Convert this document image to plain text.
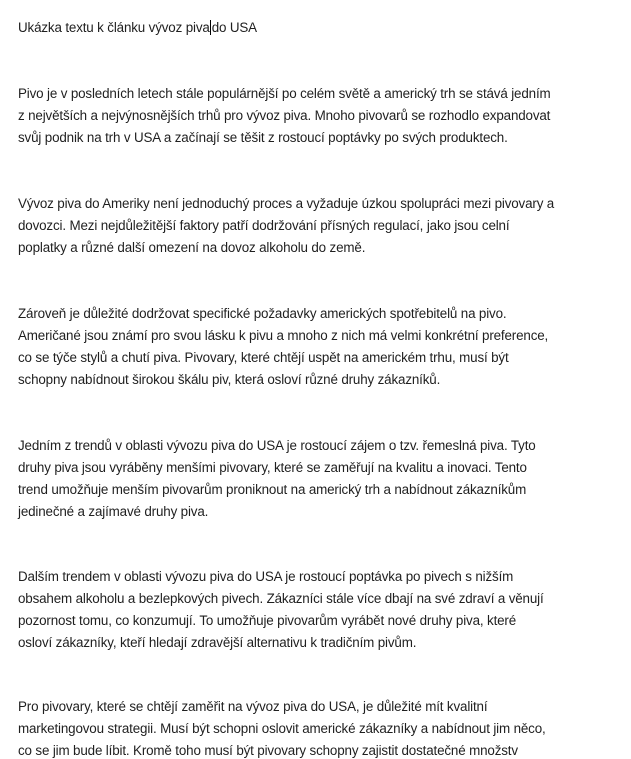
Ukázka textu k článku vývoz piva do USA

Pivo je v posledních letech stále populárnější po celém světě a americký trh se stává jedním
z největších a nejvýnosnějších trhů pro vývoz piva. Mnoho pivovarů se rozhodlo expandovat
svůj podnik na trh v USA a začínají se těšit z rostoucí poptávky po svých produktech.

Vývoz piva do Ameriky není jednoduchý proces a vyžaduje úzkou spolupráci mezi pivovary a
dovozci. Mezi nejdůležitější faktory patří dodržování přísných regulací, jako jsou celní
poplatky a různé další omezení na dovoz alkoholu do země.

Zároveň je důležité dodržovat specifické požadavky amerických spotřebitelů na pivo.
Američané jsou známí pro svou lásku k pivu a mnoho z nich má velmi konkrétní preference,
co se týče stylů a chutí piva. Pivovary, které chtějí uspět na americkém trhu, musí být
schopny nabídnout širokou škálu piv, která osloví různé druhy zákazníků.

Jedním z trendů v oblasti vývozu piva do USA je rostoucí zájem o tzv. řemeslná piva. Tyto
druhy piva jsou vyráběny menšími pivovary, které se zaměřují na kvalitu a inovaci. Tento
trend umožňuje menším pivovarům proniknout na americký trh a nabídnout zákazníkům
jedinečné a zajímavé druhy piva.

Dalším trendem v oblasti vývozu piva do USA je rostoucí poptávka po pivech s nižším
obsahem alkoholu a bezlepkových pivech. Zákazníci stále více dbají na své zdraví a věnují
pozornost tomu, co konzumují. To umožňuje pivovarům vyrábět nové druhy piva, které
osloví zákazníky, kteří hledají zdravější alternativu k tradičním pivům.

Pro pivovary, které se chtějí zaměřit na vývoz piva do USA, je důležité mít kvalitní
marketingovou strategii. Musí být schopni oslovit americké zákazníky a nabídnout jim něco,
co se jim bude líbit. Kromě toho musí být pivovary schopny zajistit dostatečné množstv
